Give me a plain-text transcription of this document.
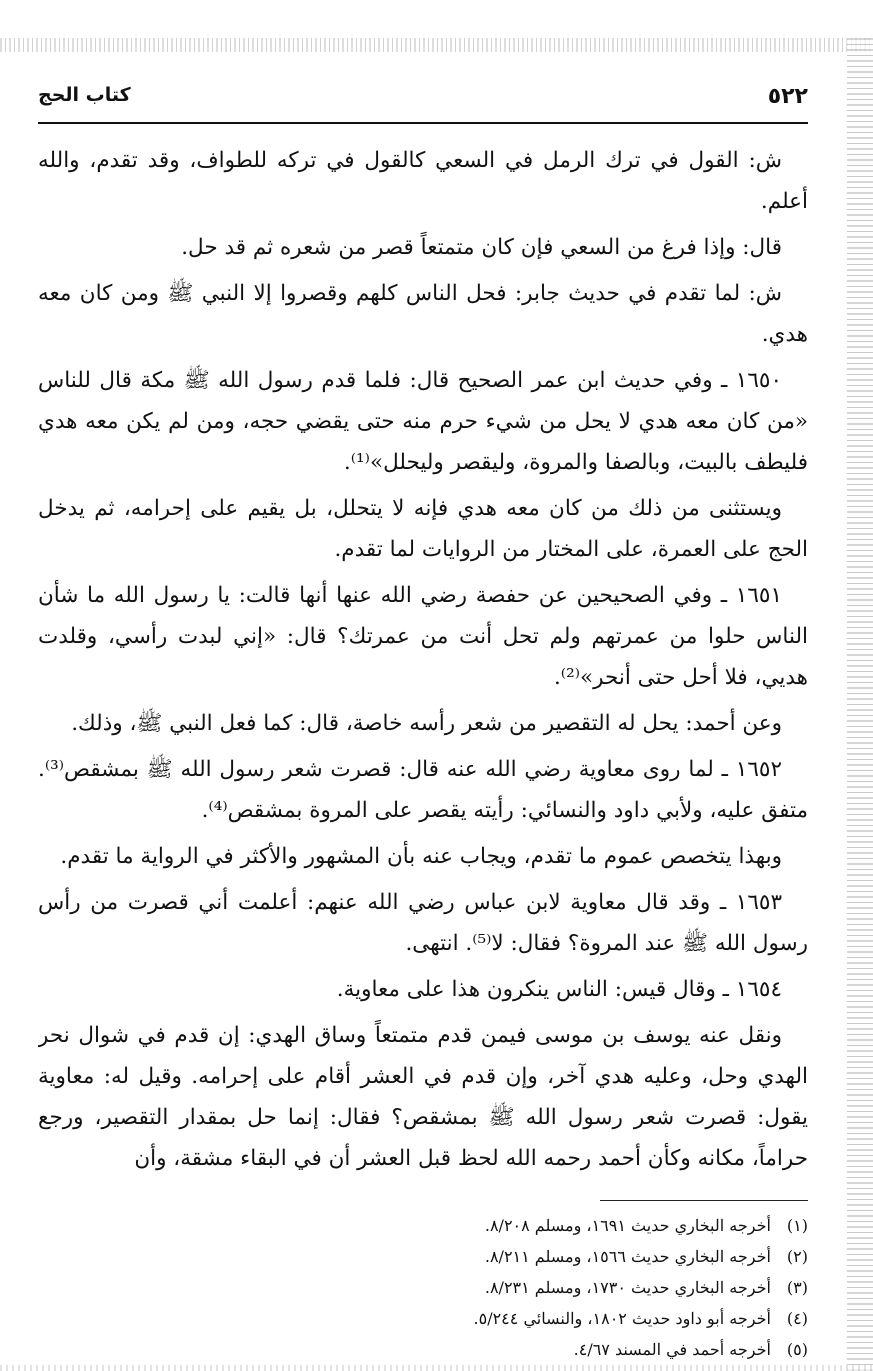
٥٢٢
كتاب الحج

ش: القول في ترك الرمل في السعي كالقول في تركه للطواف، وقد تقدم، والله أعلم.

قال: وإذا فرغ من السعي فإن كان متمتعاً قصر من شعره ثم قد حل.

ش: لما تقدم في حديث جابر: فحل الناس كلهم وقصروا إلا النبي ﷺ ومن كان معه هدي.

١٦٥٠ ـ وفي حديث ابن عمر الصحيح قال: فلما قدم رسول الله ﷺ مكة قال للناس «من كان معه هدي لا يحل من شيء حرم منه حتى يقضي حجه، ومن لم يكن معه هدي فليطف بالبيت، وبالصفا والمروة، وليقصر وليحلل»⁽¹⁾.

ويستثنى من ذلك من كان معه هدي فإنه لا يتحلل، بل يقيم على إحرامه، ثم يدخل الحج على العمرة، على المختار من الروايات لما تقدم.

١٦٥١ ـ وفي الصحيحين عن حفصة رضي الله عنها أنها قالت: يا رسول الله ما شأن الناس حلوا من عمرتهم ولم تحل أنت من عمرتك؟ قال: «إني لبدت رأسي، وقلدت هديي، فلا أحل حتى أنحر»⁽²⁾.

وعن أحمد: يحل له التقصير من شعر رأسه خاصة، قال: كما فعل النبي ﷺ، وذلك.

١٦٥٢ ـ لما روى معاوية رضي الله عنه قال: قصرت شعر رسول الله ﷺ بمشقص⁽³⁾. متفق عليه، ولأبي داود والنسائي: رأيته يقصر على المروة بمشقص⁽⁴⁾.

وبهذا يتخصص عموم ما تقدم، ويجاب عنه بأن المشهور والأكثر في الرواية ما تقدم.

١٦٥٣ ـ وقد قال معاوية لابن عباس رضي الله عنهم: أعلمت أني قصرت من رأس رسول الله ﷺ عند المروة؟ فقال: لا⁽⁵⁾. انتهى.

١٦٥٤ ـ وقال قيس: الناس ينكرون هذا على معاوية.

ونقل عنه يوسف بن موسى فيمن قدم متمتعاً وساق الهدي: إن قدم في شوال نحر الهدي وحل، وعليه هدي آخر، وإن قدم في العشر أقام على إحرامه. وقيل له: معاوية يقول: قصرت شعر رسول الله ﷺ بمشقص؟ فقال: إنما حل بمقدار التقصير، ورجع حراماً، مكانه وكأن أحمد رحمه الله لحظ قبل العشر أن في البقاء مشقة، وأن

(١) أخرجه البخاري حديث ١٦٩١، ومسلم ٨/٢٠٨.
(٢) أخرجه البخاري حديث ١٥٦٦، ومسلم ٨/٢١١.
(٣) أخرجه البخاري حديث ١٧٣٠، ومسلم ٨/٢٣١.
(٤) أخرجه أبو داود حديث ١٨٠٢، والنسائي ٥/٢٤٤.
(٥) أخرجه أحمد في المسند ٤/٦٧.
